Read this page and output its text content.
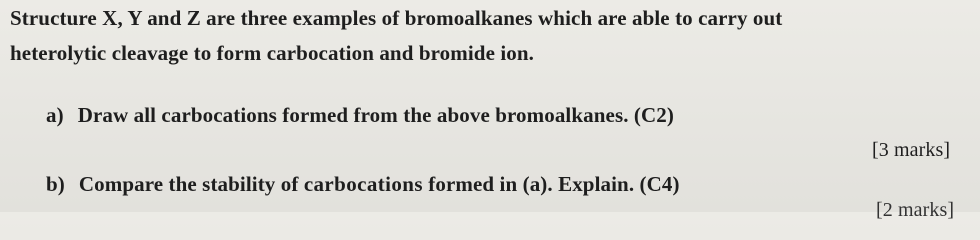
Structure X, Y and Z are three examples of bromoalkanes which are able to carry out
heterolytic cleavage to form carbocation and bromide ion.
a) Draw all carbocations formed from the above bromoalkanes. (C2)
[3 marks]
b) Compare the stability of carbocations formed in (a). Explain. (C4)
[2 marks]
